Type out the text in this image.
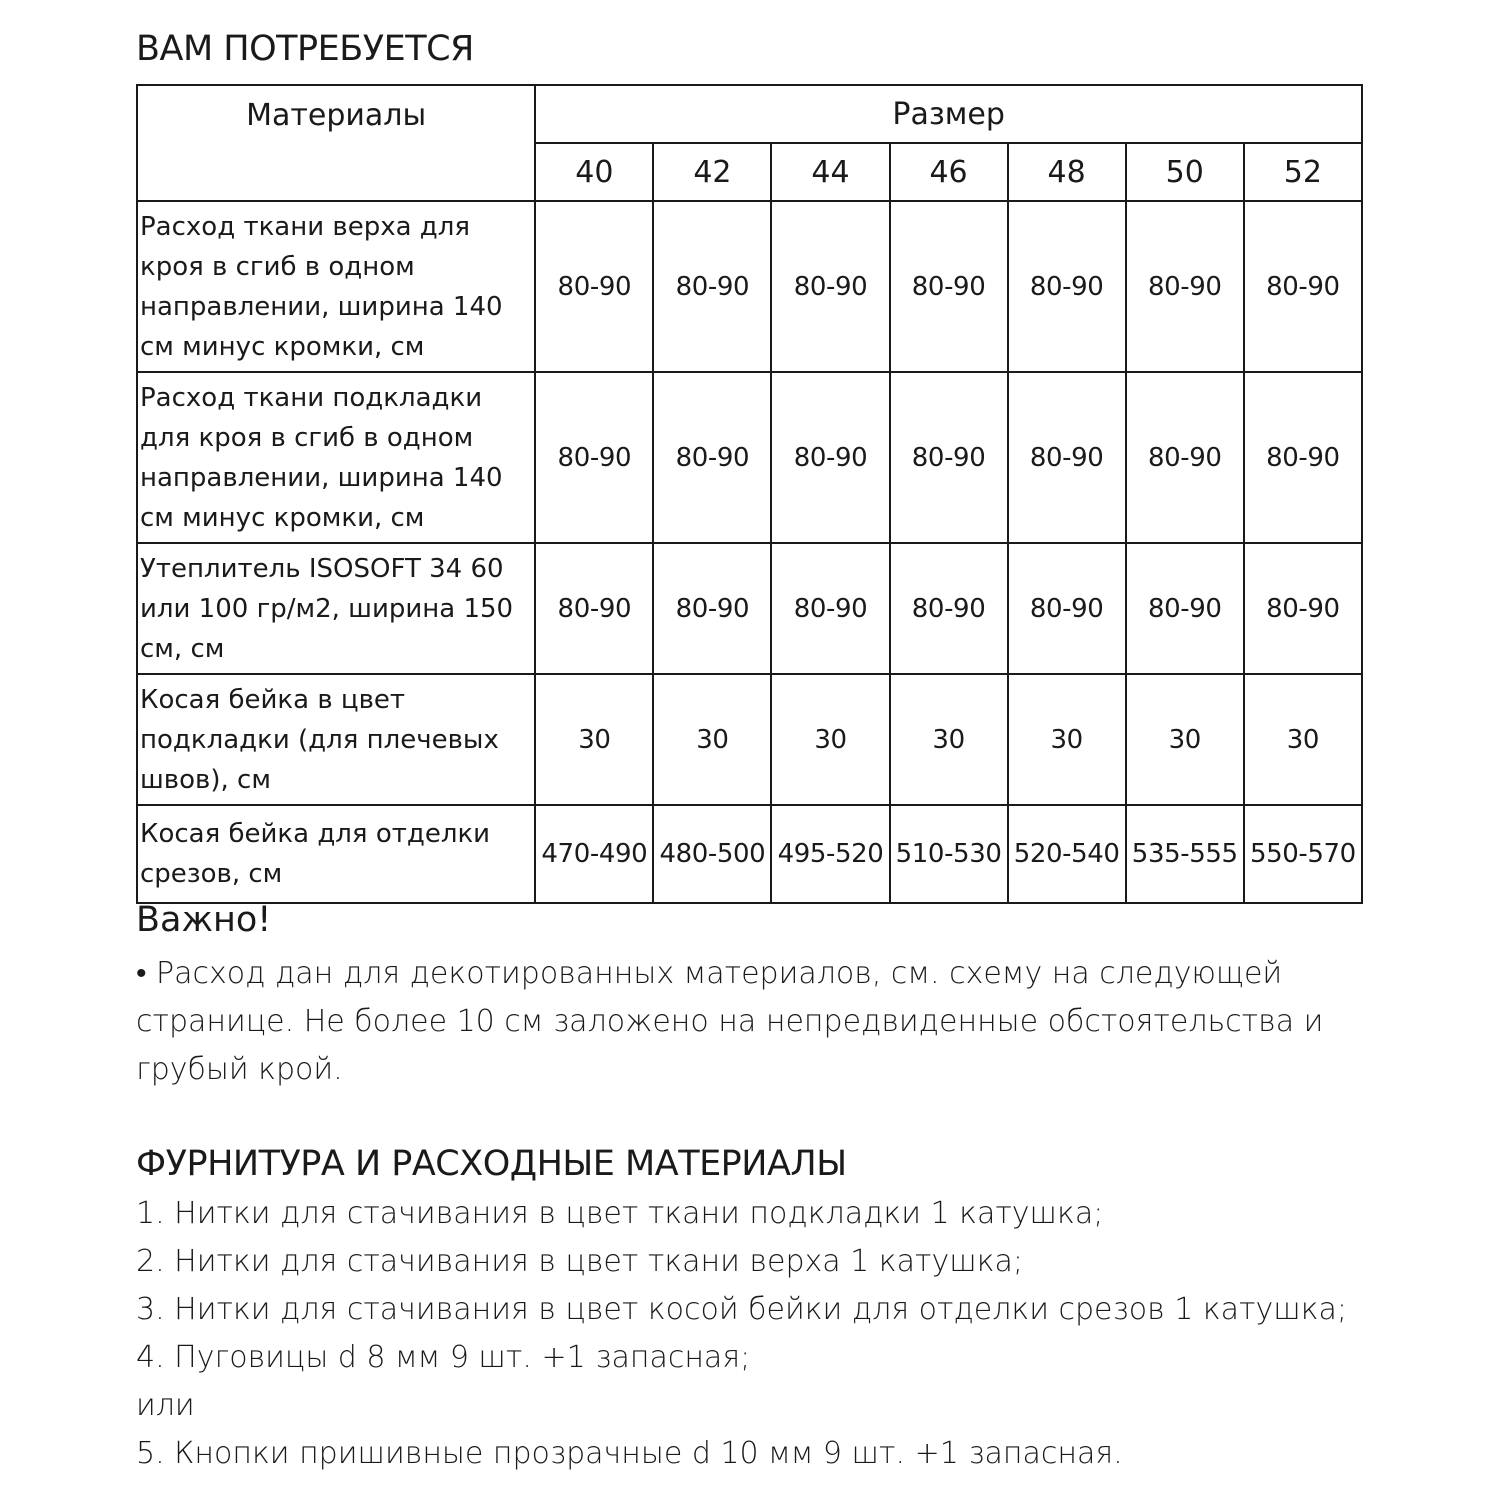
ВАМ ПОТРЕБУЕТСЯ
Материалы	Размер						
	40	42	44	46	48	50	52
Расход ткани верха для кроя в сгиб в одном направлении, ширина 140 см минус кромки, см	80-90	80-90	80-90	80-90	80-90	80-90	80-90
Расход ткани подкладки для кроя в сгиб в одном направлении, ширина 140 см минус кромки, см	80-90	80-90	80-90	80-90	80-90	80-90	80-90
Утеплитель ISOSOFT 34 60 или 100 гр/м2, ширина 150 см, см	80-90	80-90	80-90	80-90	80-90	80-90	80-90
Косая бейка в цвет подкладки (для плечевых швов), см	30	30	30	30	30	30	30
Косая бейка для отделки срезов, см	470-490	480-500	495-520	510-530	520-540	535-555	550-570
Важно!

• Расход дан для декотированных материалов, см. схему на следующей странице. Не более 10 см заложено на непредвиденные обстоятельства и грубый крой.

ФУРНИТУРА И РАСХОДНЫЕ МАТЕРИАЛЫ
1. Нитки для стачивания в цвет ткани подкладки 1 катушка;
2. Нитки для стачивания в цвет ткани верха 1 катушка;
3. Нитки для стачивания в цвет косой бейки для отделки срезов 1 катушка;
4. Пуговицы d 8 мм 9 шт. +1 запасная;
или
5. Кнопки пришивные прозрачные d 10 мм 9 шт. +1 запасная.
